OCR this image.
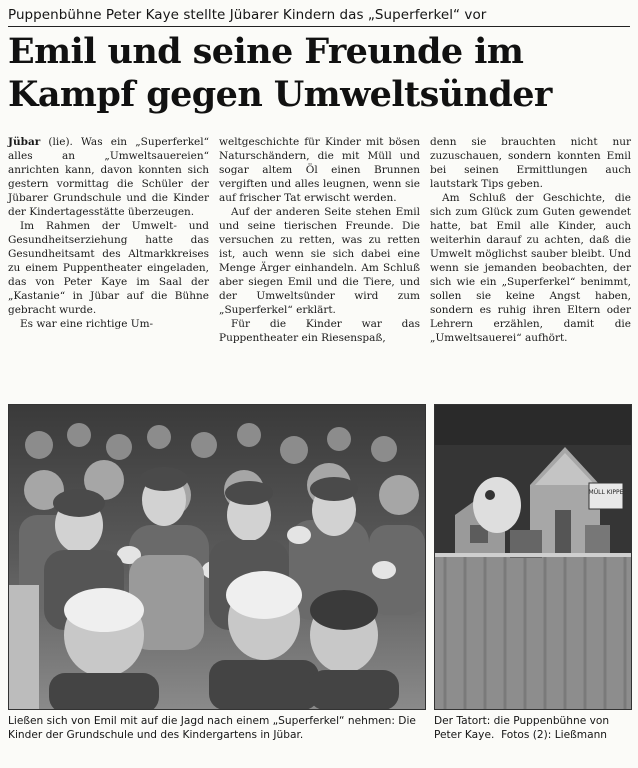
Puppenbühne Peter Kaye stellte Jübarer Kindern das „Superferkel“ vor
Emil und seine Freunde im
Kampf gegen Umweltsünder

Jübar (lie). Was ein „Superferkel“ alles an „Umweltsauereien“ anrichten kann, davon konnten sich gestern vormittag die Schüler der Jübarer Grundschule und die Kinder der Kindertagesstätte überzeugen.

Im Rahmen der Umwelt- und Gesundheitserziehung hatte das Gesundheitsamt des Altmarkkreises zu einem Puppentheater eingeladen, das von Peter Kaye im Saal der „Kastanie“ in Jübar auf die Bühne gebracht wurde.

Es war eine richtige Um-

weltgeschichte für Kinder mit bösen Naturschändern, die mit Müll und sogar altem Öl einen Brunnen vergiften und alles leugnen, wenn sie auf frischer Tat erwischt werden.

Auf der anderen Seite stehen Emil und seine tierischen Freunde. Die versuchen zu retten, was zu retten ist, auch wenn sie sich dabei eine Menge Ärger einhandeln. Am Schluß aber siegen Emil und die Tiere, und der Umweltsünder wird zum „Superferkel“ erklärt.

Für die Kinder war das Puppentheater ein Riesenspaß,

denn sie brauchten nicht nur zuzuschauen, sondern konnten Emil bei seinen Ermittlungen auch lautstark Tips geben.

Am Schluß der Geschichte, die sich zum Glück zum Guten gewendet hatte, bat Emil alle Kinder, auch weiterhin darauf zu achten, daß die Umwelt möglichst sauber bleibt. Und wenn sie jemanden beobachten, der sich wie ein „Superferkel“ benimmt, sollen sie keine Angst haben, sondern es ruhig ihren Eltern oder Lehrern erzählen, damit die „Umweltsauerei“ aufhört.

MÜLL KIPPE
Ließen sich von Emil mit auf die Jagd nach einem „Superferkel“ nehmen: Die Kinder der Grundschule und des Kindergartens in Jübar.
Der Tatort: die Puppenbühne von Peter Kaye.  Fotos (2): Ließmann
